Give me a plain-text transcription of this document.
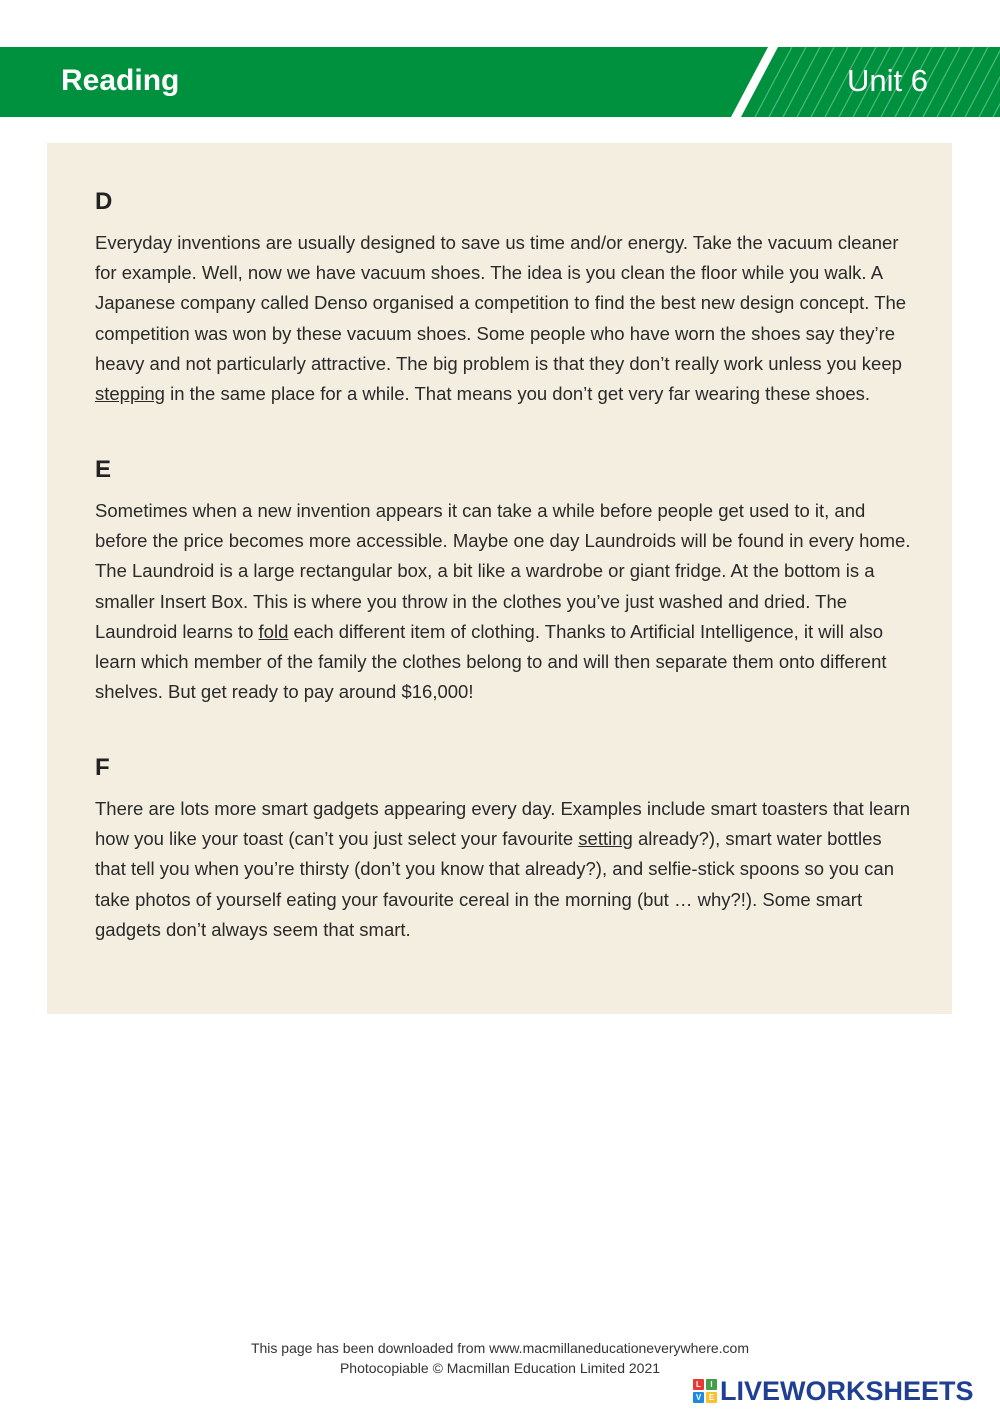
Reading	Unit 6
D

Everyday inventions are usually designed to save us time and/or energy. Take the vacuum cleaner for example. Well, now we have vacuum shoes. The idea is you clean the floor while you walk. A Japanese company called Denso organised a competition to find the best new design concept. The competition was won by these vacuum shoes. Some people who have worn the shoes say they’re heavy and not particularly attractive. The big problem is that they don’t really work unless you keep stepping in the same place for a while. That means you don’t get very far wearing these shoes.

E

Sometimes when a new invention appears it can take a while before people get used to it, and before the price becomes more accessible. Maybe one day Laundroids will be found in every home. The Laundroid is a large rectangular box, a bit like a wardrobe or giant fridge. At the bottom is a smaller Insert Box. This is where you throw in the clothes you’ve just washed and dried. The Laundroid learns to fold each different item of clothing. Thanks to Artificial Intelligence, it will also learn which member of the family the clothes belong to and will then separate them onto different shelves. But get ready to pay around $16,000!

F

There are lots more smart gadgets appearing every day. Examples include smart toasters that learn how you like your toast (can’t you just select your favourite setting already?), smart water bottles that tell you when you’re thirsty (don’t you know that already?), and selfie-stick spoons so you can take photos of yourself eating your favourite cereal in the morning (but … why?!). Some smart gadgets don’t always seem that smart.

This page has been downloaded from www.macmillaneducationeverywhere.com
Photocopiable © Macmillan Education Limited 2021
L	I
V E LIVEWORKSHEETS
